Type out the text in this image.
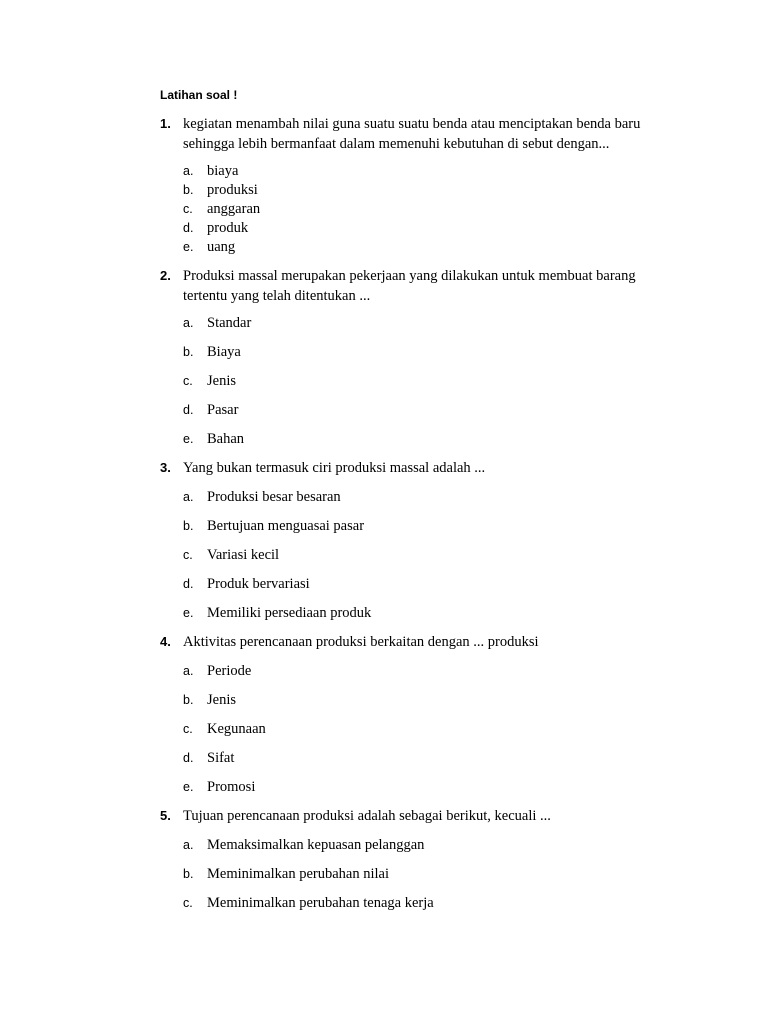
Latihan soal !
1. kegiatan menambah nilai guna suatu suatu benda atau menciptakan benda baru sehingga lebih bermanfaat dalam memenuhi kebutuhan di sebut dengan...
a. biaya
b. produksi
c. anggaran
d. produk
e. uang
2. Produksi massal merupakan pekerjaan yang dilakukan untuk membuat barang tertentu yang telah ditentukan ...
a. Standar
b. Biaya
c. Jenis
d. Pasar
e. Bahan
3. Yang bukan termasuk ciri produksi massal adalah ...
a. Produksi besar besaran
b. Bertujuan menguasai pasar
c. Variasi kecil
d. Produk bervariasi
e. Memiliki persediaan produk
4. Aktivitas perencanaan produksi berkaitan dengan ... produksi
a. Periode
b. Jenis
c. Kegunaan
d. Sifat
e. Promosi
5. Tujuan perencanaan produksi adalah sebagai berikut, kecuali ...
a. Memaksimalkan kepuasan pelanggan
b. Meminimalkan perubahan nilai
c. Meminimalkan perubahan tenaga kerja
